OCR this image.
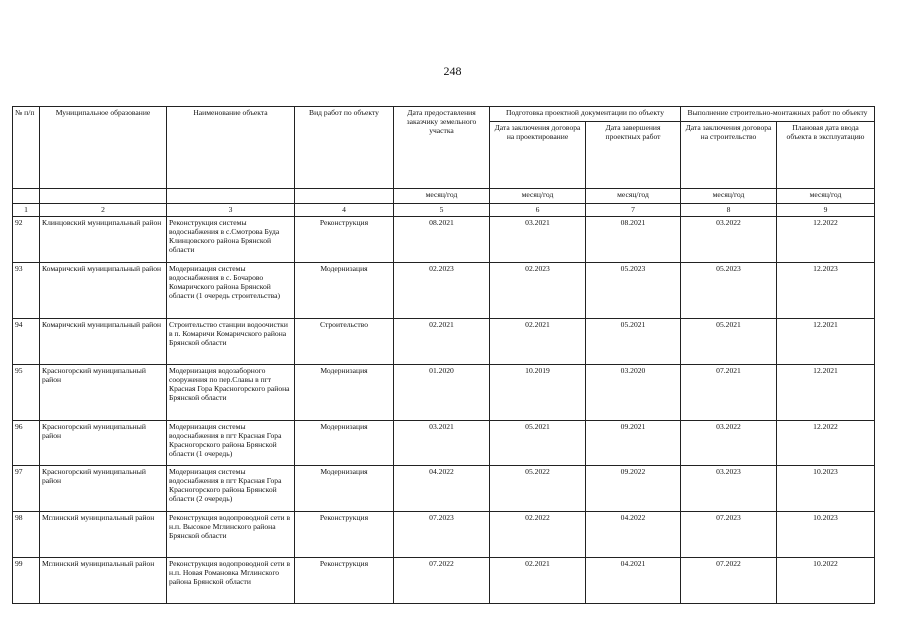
248
№ п/п	Муниципальное образование	Наименование объекта	Вид работ по объекту	Дата предоставления заказчику земельного участка	Подготовка проектной документации по объекту		Выполнение строительно-монтажных работ по объекту	
					Дата заключения договора на проектирование	Дата завершения проектных работ	Дата заключения договора на строительство	Плановая дата ввода объекта в эксплуатацию
				месяц/год	месяц/год	месяц/год	месяц/год	месяц/год
1	2	3	4	5	6	7	8	9
92	Клинцовский муниципальный район	Реконструкция системы водоснабжения в с.Смотрова Буда Клинцовского района Брянской области	Реконструкция	08.2021	03.2021	08.2021	03.2022	12.2022
93	Комаричский муниципальный район	Модернизация системы водоснабжения в с. Бочарово Комаричского района Брянской области (1 очередь строительства)	Модернизация	02.2023	02.2023	05.2023	05.2023	12.2023
94	Комаричский муниципальный район	Строительство станции водоочистки в п. Комаричи Комаричского района Брянской области	Строительство	02.2021	02.2021	05.2021	05.2021	12.2021
95	Красногорский муниципальный район	Модернизация водозаборного сооружения по пер.Славы в пгт Красная Гора Красногорского района Брянской области	Модернизация	01.2020	10.2019	03.2020	07.2021	12.2021
96	Красногорский муниципальный район	Модернизация системы водоснабжения в пгт Красная Гора Красногорского района Брянской области (1 очередь)	Модернизация	03.2021	05.2021	09.2021	03.2022	12.2022
97	Красногорский муниципальный район	Модернизация системы водоснабжения в пгт Красная Гора Красногорского района Брянской области (2 очередь)	Модернизация	04.2022	05.2022	09.2022	03.2023	10.2023
98	Мглинский муниципальный район	Реконструкция водопроводной сети в н.п. Высокое Мглинского района Брянской области	Реконструкция	07.2023	02.2022	04.2022	07.2023	10.2023
99	Мглинский муниципальный район	Реконструкция водопроводной сети в н.п. Новая Романовка Мглинского района Брянской области	Реконструкция	07.2022	02.2021	04.2021	07.2022	10.2022
